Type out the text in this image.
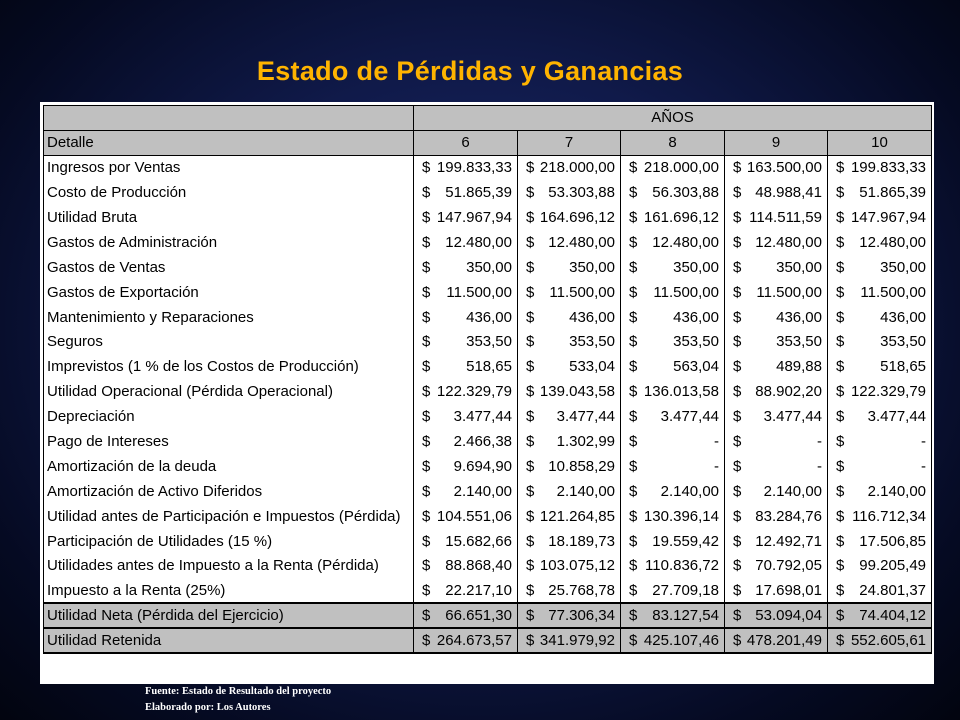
Estado de Pérdidas y Ganancias
	AÑOS				
Detalle	6	7	8	9	10
Ingresos por Ventas	$ 199.833,33	$ 218.000,00	$ 218.000,00	$ 163.500,00	$ 199.833,33

Costo de Producción	$ 51.865,39	$ 53.303,88	$ 56.303,88	$ 48.988,41	$ 51.865,39

Utilidad Bruta	$ 147.967,94	$ 164.696,12	$ 161.696,12	$ 114.511,59	$ 147.967,94

Gastos de Administración	$ 12.480,00	$ 12.480,00	$ 12.480,00	$ 12.480,00	$ 12.480,00

Gastos de Ventas	$ 350,00	$ 350,00	$ 350,00	$ 350,00	$ 350,00

Gastos de Exportación	$ 11.500,00	$ 11.500,00	$ 11.500,00	$ 11.500,00	$ 11.500,00

Mantenimiento y Reparaciones	$ 436,00	$ 436,00	$ 436,00	$ 436,00	$ 436,00

Seguros	$ 353,50	$ 353,50	$ 353,50	$ 353,50	$ 353,50

Imprevistos (1 % de los Costos de Producción)	$ 518,65	$ 533,04	$ 563,04	$ 489,88	$ 518,65

Utilidad Operacional (Pérdida Operacional)	$ 122.329,79	$ 139.043,58	$ 136.013,58	$ 88.902,20	$ 122.329,79

Depreciación	$ 3.477,44	$ 3.477,44	$ 3.477,44	$ 3.477,44	$ 3.477,44

Pago de Intereses	$ 2.466,38	$ 1.302,99	$ -	$ -	$ -

Amortización de la deuda	$ 9.694,90	$ 10.858,29	$ -	$ -	$ -

Amortización de Activo Diferidos	$ 2.140,00	$ 2.140,00	$ 2.140,00	$ 2.140,00	$ 2.140,00

Utilidad antes de Participación e Impuestos (Pérdida)	$ 104.551,06	$ 121.264,85	$ 130.396,14	$ 83.284,76	$ 116.712,34

Participación de Utilidades (15 %)	$ 15.682,66	$ 18.189,73	$ 19.559,42	$ 12.492,71	$ 17.506,85

Utilidades antes de Impuesto a la Renta (Pérdida)	$ 88.868,40	$ 103.075,12	$ 110.836,72	$ 70.792,05	$ 99.205,49

Impuesto a la Renta (25%)	$ 22.217,10	$ 25.768,78	$ 27.709,18	$ 17.698,01	$ 24.801,37

Utilidad Neta (Pérdida del Ejercicio)	$ 66.651,30	$ 77.306,34	$ 83.127,54	$ 53.094,04	$ 74.404,12

Utilidad Retenida	$ 264.673,57	$ 341.979,92	$ 425.107,46	$ 478.201,49	$ 552.605,61
Fuente: Estado de Resultado del proyecto
Elaborado por: Los Autores
